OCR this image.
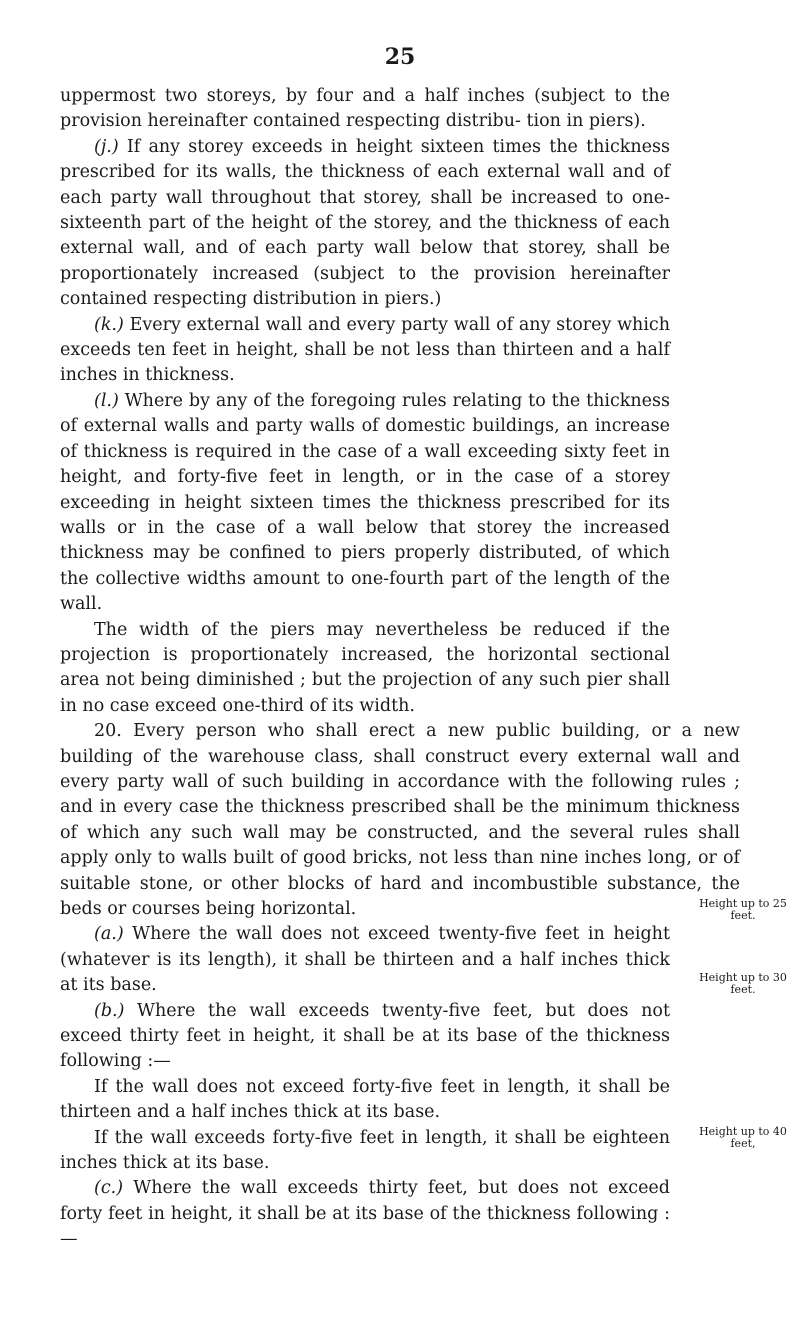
25

uppermost two storeys, by four and a half inches (subject to the provision hereinafter contained respecting distribu- tion in piers).

(j.) If any storey exceeds in height sixteen times the thickness prescribed for its walls, the thickness of each external wall and of each party wall throughout that storey, shall be increased to one-sixteenth part of the height of the storey, and the thickness of each external wall, and of each party wall below that storey, shall be proportionately increased (subject to the provision hereinafter contained respecting distribution in piers.)

(k.) Every external wall and every party wall of any storey which exceeds ten feet in height, shall be not less than thirteen and a half inches in thickness.

(l.) Where by any of the foregoing rules relating to the thickness of external walls and party walls of domestic buildings, an increase of thickness is required in the case of a wall exceeding sixty feet in height, and forty-five feet in length, or in the case of a storey exceeding in height sixteen times the thickness prescribed for its walls or in the case of a wall below that storey the increased thickness may be confined to piers properly distributed, of which the collective widths amount to one-fourth part of the length of the wall.

The width of the piers may nevertheless be reduced if the projection is proportionately increased, the horizontal sectional area not being diminished ; but the projection of any such pier shall in no case exceed one-third of its width.

20. Every person who shall erect a new public building, or a new building of the warehouse class, shall construct every external wall and every party wall of such building in accordance with the following rules ; and in every case the thickness prescribed shall be the minimum thickness of which any such wall may be constructed, and the several rules shall apply only to walls built of good bricks, not less than nine inches long, or of suitable stone, or other blocks of hard and incombustible substance, the beds or courses being horizontal.

(a.) Where the wall does not exceed twenty-five feet in height (whatever is its length), it shall be thirteen and a half inches thick at its base.

(b.) Where the wall exceeds twenty-five feet, but does not exceed thirty feet in height, it shall be at its base of the thickness following :—

If the wall does not exceed forty-five feet in length, it shall be thirteen and a half inches thick at its base.

If the wall exceeds forty-five feet in length, it shall be eighteen inches thick at its base.

(c.) Where the wall exceeds thirty feet, but does not exceed forty feet in height, it shall be at its base of the thickness following :—

Height up to 25 feet.
Height up to 30 feet.
Height up to 40 feet,
